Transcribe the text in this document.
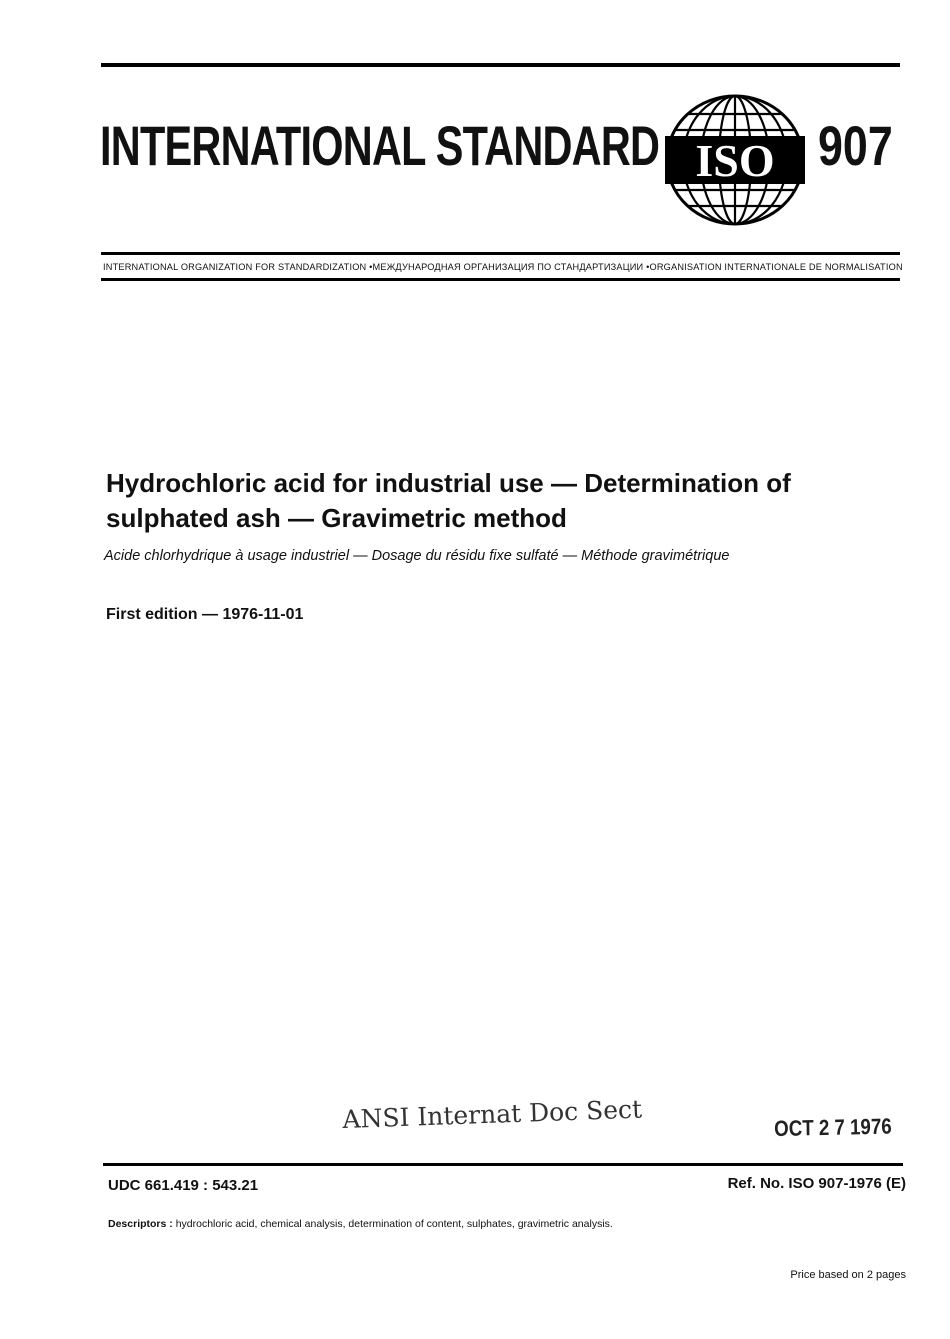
INTERNATIONAL STANDARD ISO 907
INTERNATIONAL ORGANIZATION FOR STANDARDIZATION •МЕЖДУНАРОДНАЯ ОРГАНИЗАЦИЯ ПО СТАНДАРТИЗАЦИИ •ORGANISATION INTERNATIONALE DE NORMALISATION
Hydrochloric acid for industrial use — Determination of
sulphated ash — Gravimetric method
Acide chlorhydrique à usage industriel — Dosage du résidu fixe sulfaté — Méthode gravimétrique
First edition — 1976-11-01
ANSI Internat Doc Sect	OCT 2 7 1976
UDC 661.419 : 543.21	Ref. No. ISO 907-1976 (E)
Descriptors : hydrochloric acid, chemical analysis, determination of content, sulphates, gravimetric analysis.
Price based on 2 pages
